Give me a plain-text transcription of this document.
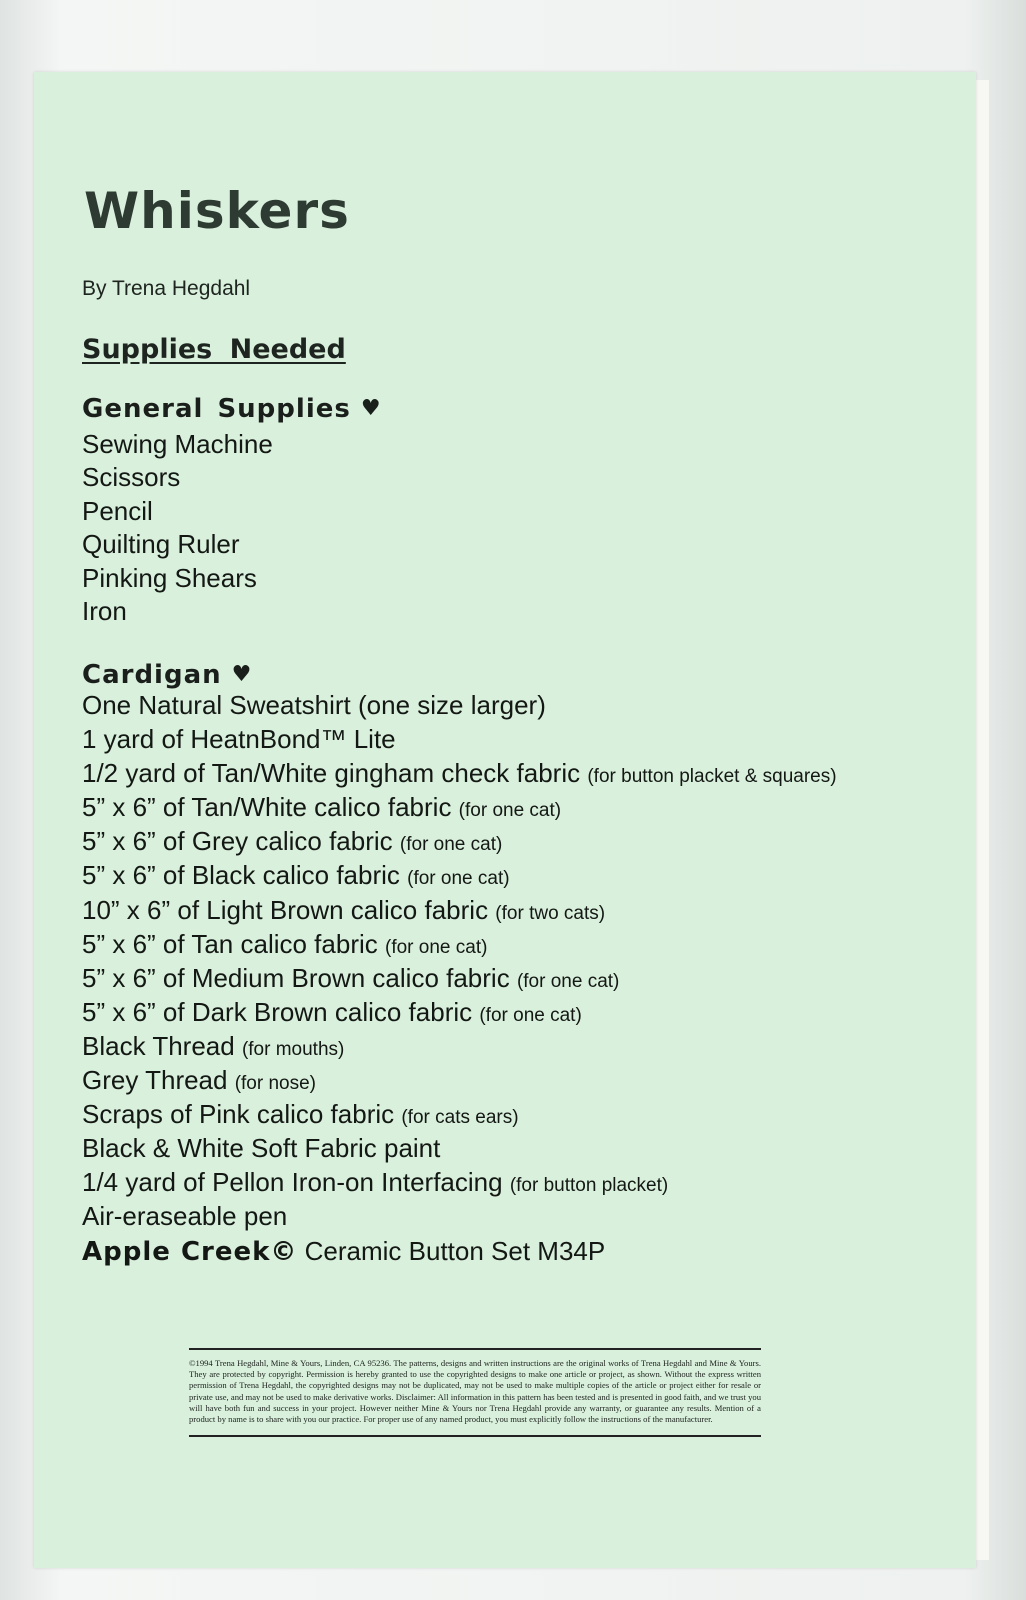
Whiskers
By Trena Hegdahl
Supplies Needed
General Supplies ♥
Sewing Machine
Scissors
Pencil
Quilting Ruler
Pinking Shears
Iron
Cardigan ♥
One Natural Sweatshirt (one size larger)
1 yard of HeatnBond™ Lite
1/2 yard of Tan/White gingham check fabric (for button placket & squares)
5” x 6” of Tan/White calico fabric (for one cat)
5” x 6” of Grey calico fabric (for one cat)
5” x 6” of Black calico fabric (for one cat)
10” x 6” of Light Brown calico fabric (for two cats)
5” x 6” of Tan calico fabric (for one cat)
5” x 6” of Medium Brown calico fabric (for one cat)
5” x 6” of Dark Brown calico fabric (for one cat)
Black Thread (for mouths)
Grey Thread (for nose)
Scraps of Pink calico fabric (for cats ears)
Black & White Soft Fabric paint
1/4 yard of Pellon Iron-on Interfacing (for button placket)
Air-eraseable pen
Apple Creek© Ceramic Button Set M34P

©1994 Trena Hegdahl, Mine & Yours, Linden, CA 95236. The patterns, designs and written instructions are the original works of Trena Hegdahl and Mine & Yours. They are protected by copyright. Permission is hereby granted to use the copyrighted designs to make one article or project, as shown. Without the express written permission of Trena Hegdahl, the copyrighted designs may not be duplicated, may not be used to make multiple copies of the article or project either for resale or private use, and may not be used to make derivative works. Disclaimer: All information in this pattern has been tested and is presented in good faith, and we trust you will have both fun and success in your project. However neither Mine & Yours nor Trena Hegdahl provide any warranty, or guarantee any results. Mention of a product by name is to share with you our practice. For proper use of any named product, you must explicitly follow the instructions of the manufacturer.
